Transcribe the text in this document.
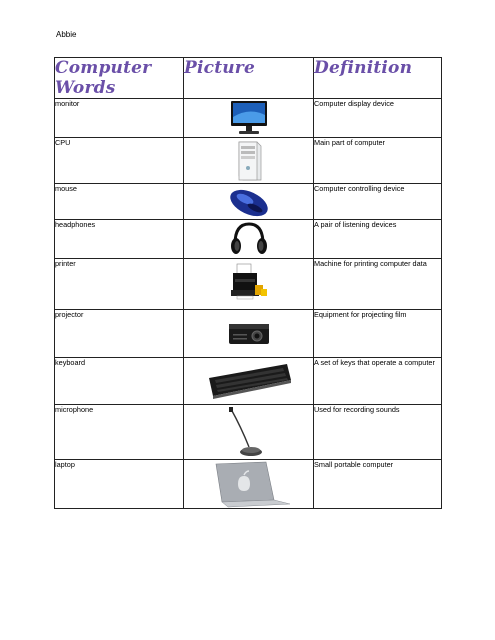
Abbie
Computer Words	Picture	Definition
monitor		Computer display device
CPU		Main part of computer
mouse		Computer controlling device
headphones		A pair of listening devices
printer		Machine for printing computer data
projector		Equipment for projecting film
keyboard		A set of keys that operate a computer
microphone		Used for recording sounds
laptop		Small portable computer
